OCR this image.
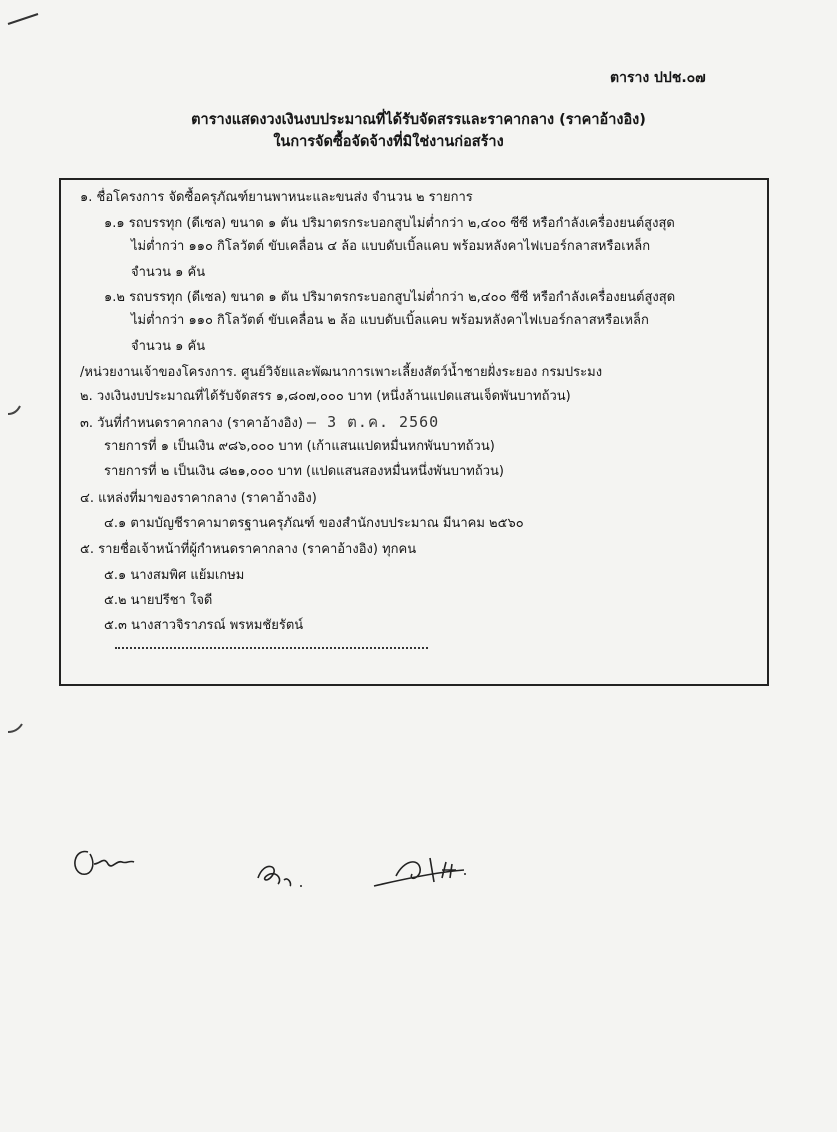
ตาราง ปปช.๐๗
ตารางแสดงวงเงินงบประมาณที่ได้รับจัดสรรและราคากลาง (ราคาอ้างอิง)
ในการจัดซื้อจัดจ้างที่มิใช่งานก่อสร้าง
๑. ชื่อโครงการ จัดซื้อครุภัณฑ์ยานพาหนะและขนส่ง จำนวน ๒ รายการ
๑.๑ รถบรรทุก (ดีเซล) ขนาด ๑ ตัน ปริมาตรกระบอกสูบไม่ต่ำกว่า ๒,๔๐๐ ซีซี หรือกำลังเครื่องยนต์สูงสุด
ไม่ต่ำกว่า ๑๑๐ กิโลวัตต์ ขับเคลื่อน ๔ ล้อ แบบดับเบิ้ลแคบ พร้อมหลังคาไฟเบอร์กลาสหรือเหล็ก
จำนวน ๑ คัน
๑.๒ รถบรรทุก (ดีเซล) ขนาด ๑ ตัน ปริมาตรกระบอกสูบไม่ต่ำกว่า ๒,๔๐๐ ซีซี หรือกำลังเครื่องยนต์สูงสุด
ไม่ต่ำกว่า ๑๑๐ กิโลวัตต์ ขับเคลื่อน ๒ ล้อ แบบดับเบิ้ลแคบ พร้อมหลังคาไฟเบอร์กลาสหรือเหล็ก
จำนวน ๑ คัน
/หน่วยงานเจ้าของโครงการ. ศูนย์วิจัยและพัฒนาการเพาะเลี้ยงสัตว์น้ำชายฝั่งระยอง กรมประมง
๒. วงเงินงบประมาณที่ได้รับจัดสรร ๑,๘๐๗,๐๐๐ บาท (หนึ่งล้านแปดแสนเจ็ดพันบาทถ้วน)
๓. วันที่กำหนดราคากลาง (ราคาอ้างอิง) – 3 ต.ค. 2560
รายการที่ ๑ เป็นเงิน ๙๘๖,๐๐๐ บาท (เก้าแสนแปดหมื่นหกพันบาทถ้วน)
รายการที่ ๒ เป็นเงิน ๘๒๑,๐๐๐ บาท (แปดแสนสองหมื่นหนึ่งพันบาทถ้วน)
๔. แหล่งที่มาของราคากลาง (ราคาอ้างอิง)
๔.๑ ตามบัญชีราคามาตรฐานครุภัณฑ์ ของสำนักงบประมาณ มีนาคม ๒๕๖๐
๕. รายชื่อเจ้าหน้าที่ผู้กำหนดราคากลาง (ราคาอ้างอิง) ทุกคน
๕.๑ นางสมพิศ แย้มเกษม
๕.๒ นายปรีชา ใจดี
๕.๓ นางสาวจิราภรณ์ พรหมชัยรัตน์
